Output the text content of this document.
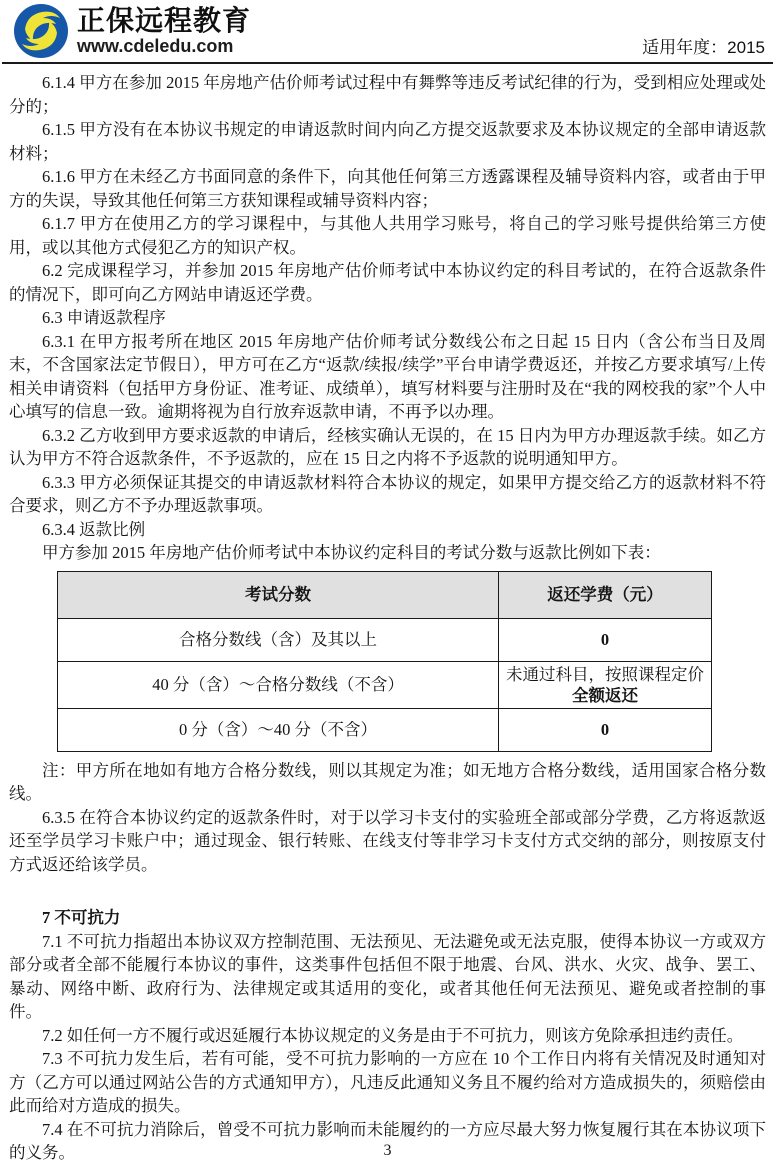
正保远程教育
www.cdeledu.com	适用年度：2015

6.1.4 甲方在参加 2015 年房地产估价师考试过程中有舞弊等违反考试纪律的行为，受到相应处理或处分的；

6.1.5 甲方没有在本协议书规定的申请返款时间内向乙方提交返款要求及本协议规定的全部申请返款材料；

6.1.6 甲方在未经乙方书面同意的条件下，向其他任何第三方透露课程及辅导资料内容，或者由于甲方的失误，导致其他任何第三方获知课程或辅导资料内容；

6.1.7 甲方在使用乙方的学习课程中，与其他人共用学习账号，将自己的学习账号提供给第三方使用，或以其他方式侵犯乙方的知识产权。

6.2 完成课程学习，并参加 2015 年房地产估价师考试中本协议约定的科目考试的，在符合返款条件的情况下，即可向乙方网站申请返还学费。

6.3 申请返款程序

6.3.1 在甲方报考所在地区 2015 年房地产估价师考试分数线公布之日起 15 日内（含公布当日及周末，不含国家法定节假日），甲方可在乙方“返款/续报/续学”平台申请学费返还，并按乙方要求填写/上传相关申请资料（包括甲方身份证、准考证、成绩单），填写材料要与注册时及在“我的网校我的家”个人中心填写的信息一致。逾期将视为自行放弃返款申请，不再予以办理。

6.3.2 乙方收到甲方要求返款的申请后，经核实确认无误的，在 15 日内为甲方办理返款手续。如乙方认为甲方不符合返款条件，不予返款的，应在 15 日之内将不予返款的说明通知甲方。

6.3.3 甲方必须保证其提交的申请返款材料符合本协议的规定，如果甲方提交给乙方的返款材料不符合要求，则乙方不予办理返款事项。

6.3.4 返款比例

甲方参加 2015 年房地产估价师考试中本协议约定科目的考试分数与返款比例如下表：

考试分数	返还学费（元）
合格分数线（含）及其以上	0
40 分（含）～合格分数线（不含）	未通过科目，按照课程定价
全额返还

0 分（含）～40 分（不含）	0

注：甲方所在地如有地方合格分数线，则以其规定为准；如无地方合格分数线，适用国家合格分数线。

6.3.5 在符合本协议约定的返款条件时，对于以学习卡支付的实验班全部或部分学费，乙方将返款返还至学员学习卡账户中；通过现金、银行转账、在线支付等非学习卡支付方式交纳的部分，则按原支付方式返还给该学员。

7 不可抗力

7.1 不可抗力指超出本协议双方控制范围、无法预见、无法避免或无法克服，使得本协议一方或双方部分或者全部不能履行本协议的事件，这类事件包括但不限于地震、台风、洪水、火灾、战争、罢工、暴动、网络中断、政府行为、法律规定或其适用的变化，或者其他任何无法预见、避免或者控制的事件。

7.2 如任何一方不履行或迟延履行本协议规定的义务是由于不可抗力，则该方免除承担违约责任。

7.3 不可抗力发生后，若有可能，受不可抗力影响的一方应在 10 个工作日内将有关情况及时通知对方（乙方可以通过网站公告的方式通知甲方），凡违反此通知义务且不履约给对方造成损失的，须赔偿由此而给对方造成的损失。

7.4 在不可抗力消除后，曾受不可抗力影响而未能履约的一方应尽最大努力恢复履行其在本协议项下的义务。	3
